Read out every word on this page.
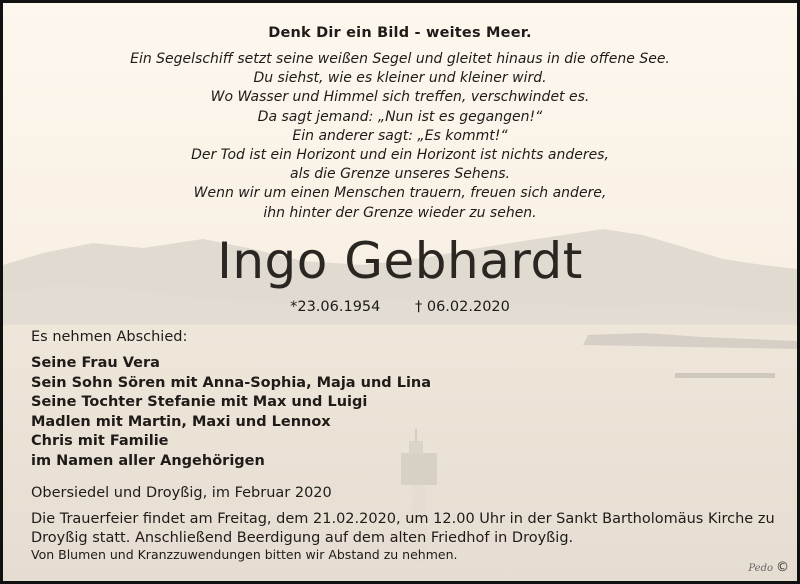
Denk Dir ein Bild - weites Meer.
Ein Segelschiff setzt seine weißen Segel und gleitet hinaus in die offene See.
Du siehst, wie es kleiner und kleiner wird.
Wo Wasser und Himmel sich treffen, verschwindet es.
Da sagt jemand: „Nun ist es gegangen!“
Ein anderer sagt: „Es kommt!“
Der Tod ist ein Horizont und ein Horizont ist nichts anderes,
als die Grenze unseres Sehens.
Wenn wir um einen Menschen trauern, freuen sich andere,
ihn hinter der Grenze wieder zu sehen.
Ingo Gebhardt
*23.06.1954 † 06.02.2020
Es nehmen Abschied:
Seine Frau Vera
Sein Sohn Sören mit Anna-Sophia, Maja und Lina
Seine Tochter Stefanie mit Max und Luigi
Madlen mit Martin, Maxi und Lennox
Chris mit Familie
im Namen aller Angehörigen
Obersiedel und Droyßig, im Februar 2020
Die Trauerfeier findet am Freitag, dem 21.02.2020, um 12.00 Uhr in der Sankt Bartholomäus Kirche zu Droyßig statt. Anschließend Beerdigung auf dem alten Friedhof in Droyßig.
Von Blumen und Kranzzuwendungen bitten wir Abstand zu nehmen.
Pedo ©
